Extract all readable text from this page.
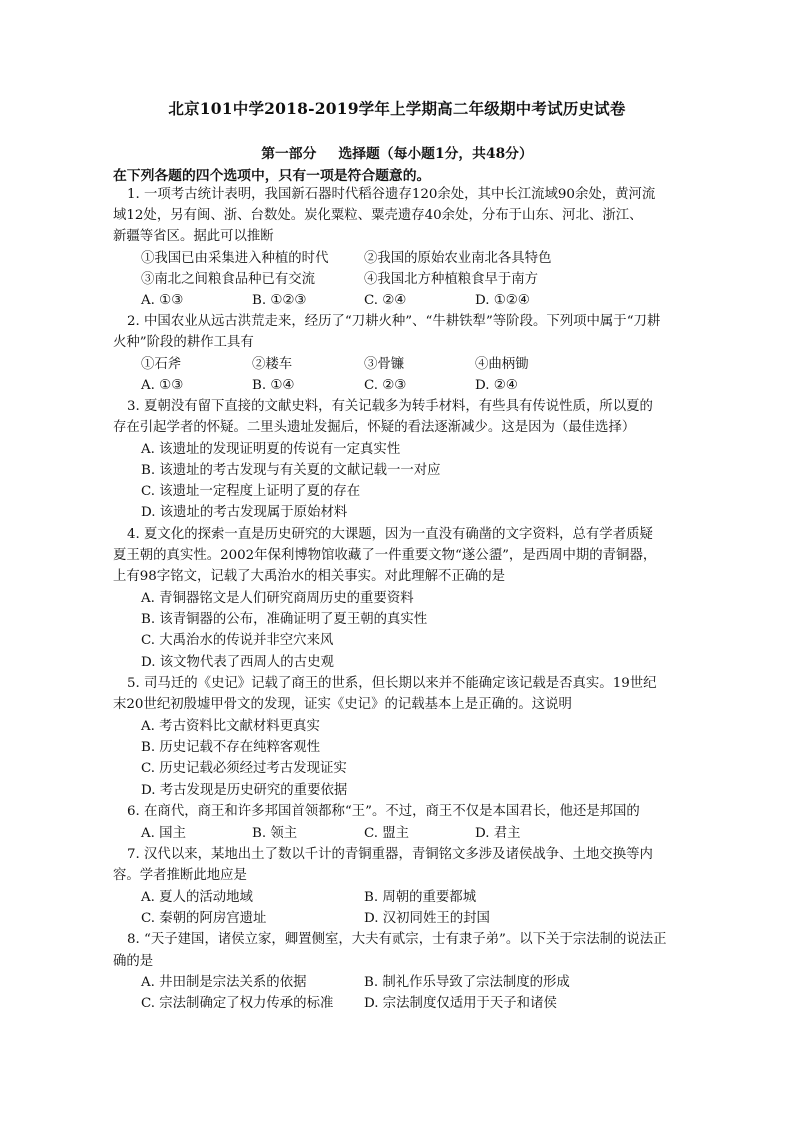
北京101中学2018-2019学年上学期高二年级期中考试历史试卷
第一部分 选择题（每小题1分，共48分）
在下列各题的四个选项中，只有一项是符合题意的。
1. 一项考古统计表明，我国新石器时代稻谷遗存120余处，其中长江流域90余处，黄河流
域12处，另有闽、浙、台数处。炭化粟粒、粟壳遗存40余处，分布于山东、河北、浙江、
新疆等省区。据此可以推断
①我国已由采集进入种植的时代	②我国的原始农业南北各具特色
③南北之间粮食品种已有交流	④我国北方种植粮食早于南方
A. ①③	B. ①②③	C. ②④	D. ①②④
2. 中国农业从远古洪荒走来，经历了“刀耕火种”、“牛耕铁犁”等阶段。下列项中属于“刀耕
火种”阶段的耕作工具有
①石斧	②耧车	③骨镰	④曲柄锄
A. ①③	B. ①④	C. ②③	D. ②④
3. 夏朝没有留下直接的文献史料，有关记载多为转手材料，有些具有传说性质，所以夏的
存在引起学者的怀疑。二里头遗址发掘后，怀疑的看法逐渐减少。这是因为（最佳选择）
A. 该遗址的发现证明夏的传说有一定真实性
B. 该遗址的考古发现与有关夏的文献记载一一对应
C. 该遗址一定程度上证明了夏的存在
D. 该遗址的考古发现属于原始材料
4. 夏文化的探索一直是历史研究的大课题，因为一直没有确凿的文字资料，总有学者质疑
夏王朝的真实性。2002年保利博物馆收藏了一件重要文物“遂公盨”，是西周中期的青铜器，
上有98字铭文，记载了大禹治水的相关事实。对此理解不正确的是
A. 青铜器铭文是人们研究商周历史的重要资料
B. 该青铜器的公布，准确证明了夏王朝的真实性
C. 大禹治水的传说并非空穴来风
D. 该文物代表了西周人的古史观
5. 司马迁的《史记》记载了商王的世系，但长期以来并不能确定该记载是否真实。19世纪
末20世纪初殷墟甲骨文的发现，证实《史记》的记载基本上是正确的。这说明
A. 考古资料比文献材料更真实
B. 历史记载不存在纯粹客观性
C. 历史记载必须经过考古发现证实
D. 考古发现是历史研究的重要依据
6. 在商代，商王和许多邦国首领都称“王”。不过，商王不仅是本国君长，他还是邦国的
A. 国主	B. 领主	C. 盟主	D. 君主
7. 汉代以来，某地出土了数以千计的青铜重器，青铜铭文多涉及诸侯战争、土地交换等内
容。学者推断此地应是
A. 夏人的活动地域	B. 周朝的重要都城
C. 秦朝的阿房宫遗址	D. 汉初同姓王的封国
8. “天子建国，诸侯立家，卿置侧室，大夫有贰宗，士有隶子弟”。以下关于宗法制的说法正
确的是
A. 井田制是宗法关系的依据	B. 制礼作乐导致了宗法制度的形成
C. 宗法制确定了权力传承的标准 D. 宗法制度仅适用于天子和诸侯
